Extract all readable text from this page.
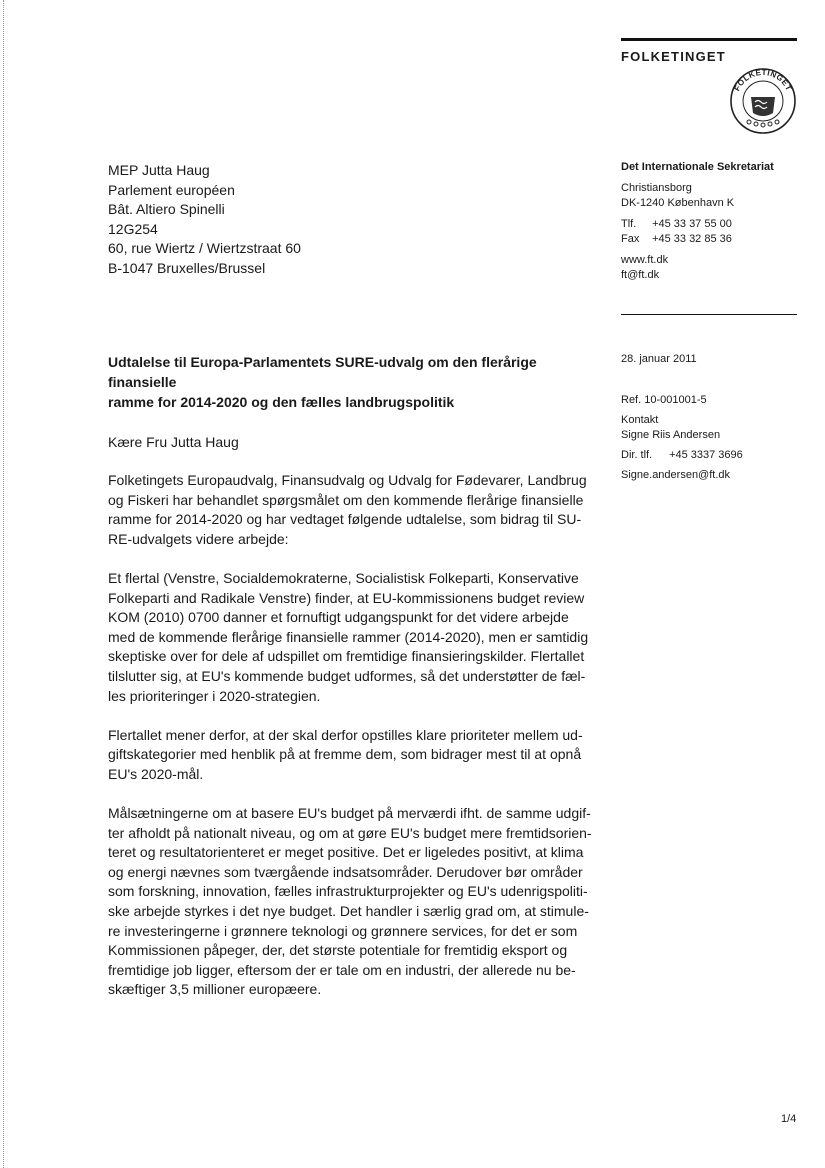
FOLKETINGET
FOLKETINGET
Det Internationale Sekretariat
Christiansborg
DK-1240 København K
Tlf. +45 33 37 55 00
Fax +45 33 32 85 36
www.ft.dk
ft@ft.dk
28. januar 2011
Ref. 10-001001-5
Kontakt
Signe Riis Andersen
Dir. tlf. +45 3337 3696
Signe.andersen@ft.dk
MEP Jutta Haug
Parlement européen
Bât. Altiero Spinelli
12G254
60, rue Wiertz / Wiertzstraat 60
B-1047 Bruxelles/Brussel
Udtalelse til Europa-Parlamentets SURE-udvalg om den flerårige finansielle
ramme for 2014-2020 og den fælles landbrugspolitik
Kære Fru Jutta Haug

Folketingets Europaudvalg, Finansudvalg og Udvalg for Fødevarer, Landbrug
og Fiskeri har behandlet spørgsmålet om den kommende flerårige finansielle
ramme for 2014-2020 og har vedtaget følgende udtalelse, som bidrag til SU-
RE-udvalgets videre arbejde:

Et flertal (Venstre, Socialdemokraterne, Socialistisk Folkeparti, Konservative
Folkeparti and Radikale Venstre) finder, at EU-kommissionens budget review
KOM (2010) 0700 danner et fornuftigt udgangspunkt for det videre arbejde
med de kommende flerårige finansielle rammer (2014-2020), men er samtidig
skeptiske over for dele af udspillet om fremtidige finansieringskilder. Flertallet
tilslutter sig, at EU's kommende budget udformes, så det understøtter de fæl-
les prioriteringer i 2020-strategien.

Flertallet mener derfor, at der skal derfor opstilles klare prioriteter mellem ud-
giftskategorier med henblik på at fremme dem, som bidrager mest til at opnå
EU's 2020-mål.

Målsætningerne om at basere EU's budget på merværdi ifht. de samme udgif-
ter afholdt på nationalt niveau, og om at gøre EU's budget mere fremtidsorien-
teret og resultatorienteret er meget positive. Det er ligeledes positivt, at klima
og energi nævnes som tværgående indsatsområder. Derudover bør områder
som forskning, innovation, fælles infrastrukturprojekter og EU's udenrigspoliti-
ske arbejde styrkes i det nye budget. Det handler i særlig grad om, at stimule-
re investeringerne i grønnere teknologi og grønnere services, for det er som
Kommissionen påpeger, der, det største potentiale for fremtidig eksport og
fremtidige job ligger, eftersom der er tale om en industri, der allerede nu be-
skæftiger 3,5 millioner europæere.

1/4
